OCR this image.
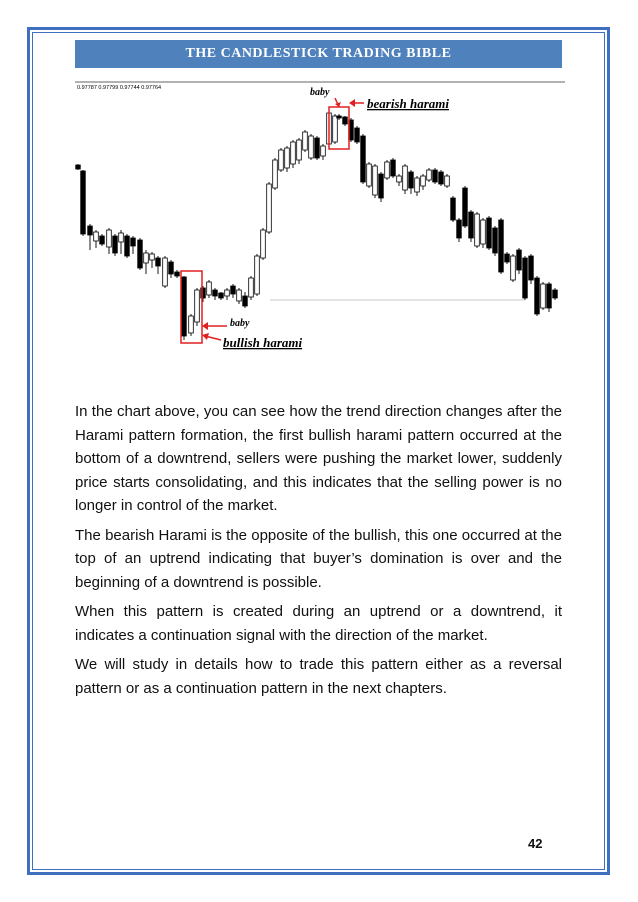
THE CANDLESTICK TRADING BIBLE
0.97787 0.97799 0.97744 0.97764	baby
bearish harami
baby
bullish harami

In the chart above, you can see how the trend direction changes after the Harami pattern formation, the first bullish harami pattern occurred at the bottom of a downtrend, sellers were pushing the market lower, suddenly price starts consolidating, and this indicates that the selling power is no longer in control of the market.

The bearish Harami is the opposite of the bullish, this one occurred at the top of an uptrend indicating that buyer’s domination is over and the beginning of a downtrend is possible.

When this pattern is created during an uptrend or a downtrend, it indicates a continuation signal with the direction of the market.

We will study in details how to trade this pattern either as a reversal pattern or as a continuation pattern in the next chapters.

42
